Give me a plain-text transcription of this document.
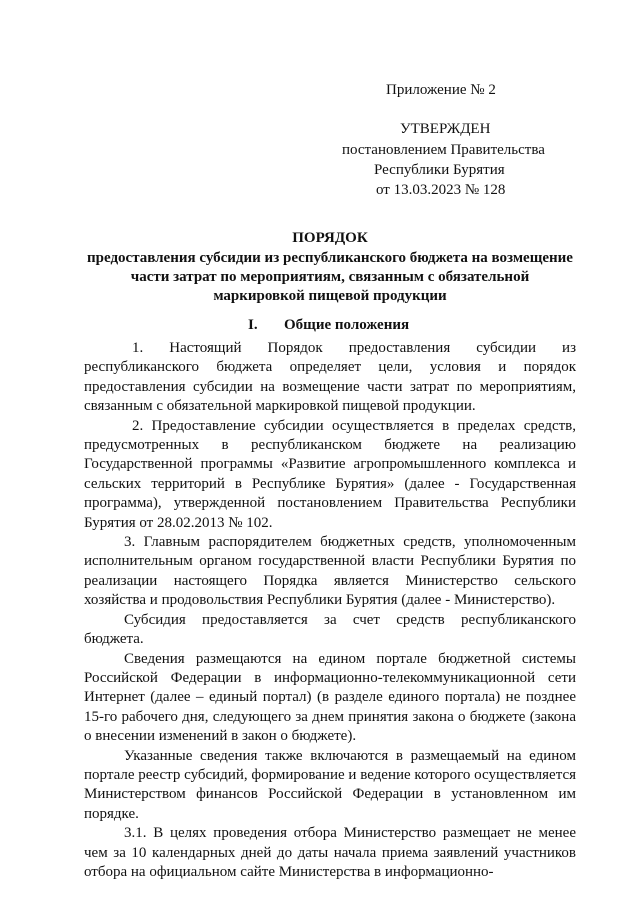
Приложение № 2
УТВЕРЖДЕН
постановлением Правительства
Республики Бурятия
от 13.03.2023 № 128
ПОРЯДОК
предоставления субсидии из республиканского бюджета на возмещение части затрат по мероприятиям, связанным с обязательной маркировкой пищевой продукции
I. Общие положения

1. Настоящий Порядок предоставления субсидии из республиканского бюджета определяет цели, условия и порядок предоставления субсидии на возмещение части затрат по мероприятиям, связанным с обязательной маркировкой пищевой продукции.

2. Предоставление субсидии осуществляется в пределах средств, предусмотренных в республиканском бюджете на реализацию Государственной программы «Развитие агропромышленного комплекса и сельских территорий в Республике Бурятия» (далее - Государственная программа), утвержденной постановлением Правительства Республики Бурятия от 28.02.2013 № 102.

3. Главным распорядителем бюджетных средств, уполномоченным исполнительным органом государственной власти Республики Бурятия по реализации настоящего Порядка является Министерство сельского хозяйства и продовольствия Республики Бурятия (далее - Министерство).

Субсидия предоставляется за счет средств республиканского бюджета.

Сведения размещаются на едином портале бюджетной системы Российской Федерации в информационно-телекоммуникационной сети Интернет (далее – единый портал) (в разделе единого портала) не позднее 15-го рабочего дня, следующего за днем принятия закона о бюджете (закона о внесении изменений в закон о бюджете).

Указанные сведения также включаются в размещаемый на едином портале реестр субсидий, формирование и ведение которого осуществляется Министерством финансов Российской Федерации в установленном им порядке.

3.1. В целях проведения отбора Министерство размещает не менее чем за 10 календарных дней до даты начала приема заявлений участников отбора на официальном сайте Министерства в информационно-
